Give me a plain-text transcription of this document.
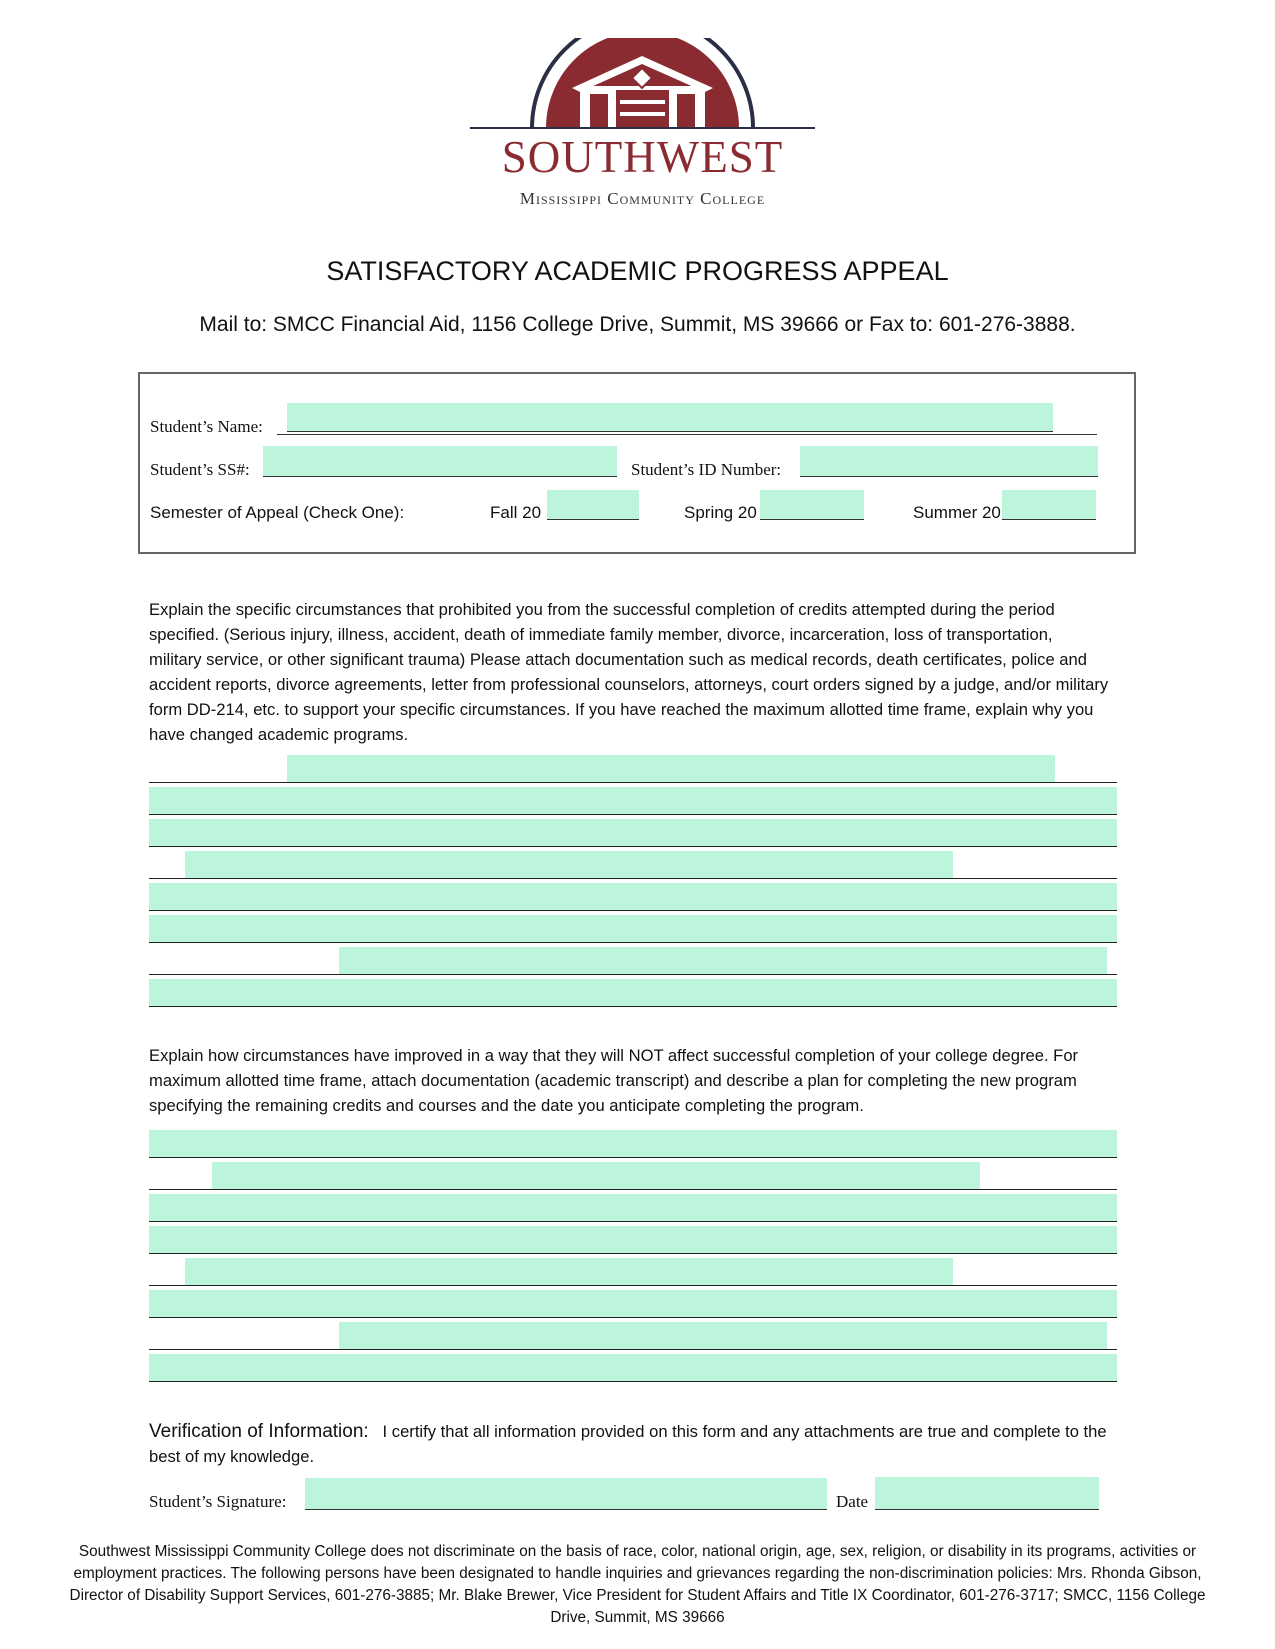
SOUTHWEST
Mississippi Community College
SATISFACTORY ACADEMIC PROGRESS APPEAL
Mail to: SMCC Financial Aid, 1156 College Drive, Summit, MS 39666 or Fax to: 601-276-3888.
Student’s Name:
Student’s SS#:	Student’s ID Number:
Semester of Appeal (Check One):	Fall 20	Spring 20	Summer 20
Explain the specific circumstances that prohibited you from the successful completion of credits attempted during the period specified. (Serious injury, illness, accident, death of immediate family member, divorce, incarceration, loss of transportation, military service, or other significant trauma) Please attach documentation such as medical records, death certificates, police and accident reports, divorce agreements, letter from professional counselors, attorneys, court orders signed by a judge, and/or military form DD-214, etc. to support your specific circumstances. If you have reached the maximum allotted time frame, explain why you have changed academic programs.
Explain how circumstances have improved in a way that they will NOT affect successful completion of your college degree. For maximum allotted time frame, attach documentation (academic transcript) and describe a plan for completing the new program specifying the remaining credits and courses and the date you anticipate completing the program.
Verification of Information: I certify that all information provided on this form and any attachments are true and complete to the best of my knowledge.
Student’s Signature:	Date
Southwest Mississippi Community College does not discriminate on the basis of race, color, national origin, age, sex, religion, or disability in its programs, activities or employment practices. The following persons have been designated to handle inquiries and grievances regarding the non-discrimination policies: Mrs. Rhonda Gibson, Director of Disability Support Services, 601-276-3885; Mr. Blake Brewer, Vice President for Student Affairs and Title IX Coordinator, 601-276-3717; SMCC, 1156 College Drive, Summit, MS 39666
